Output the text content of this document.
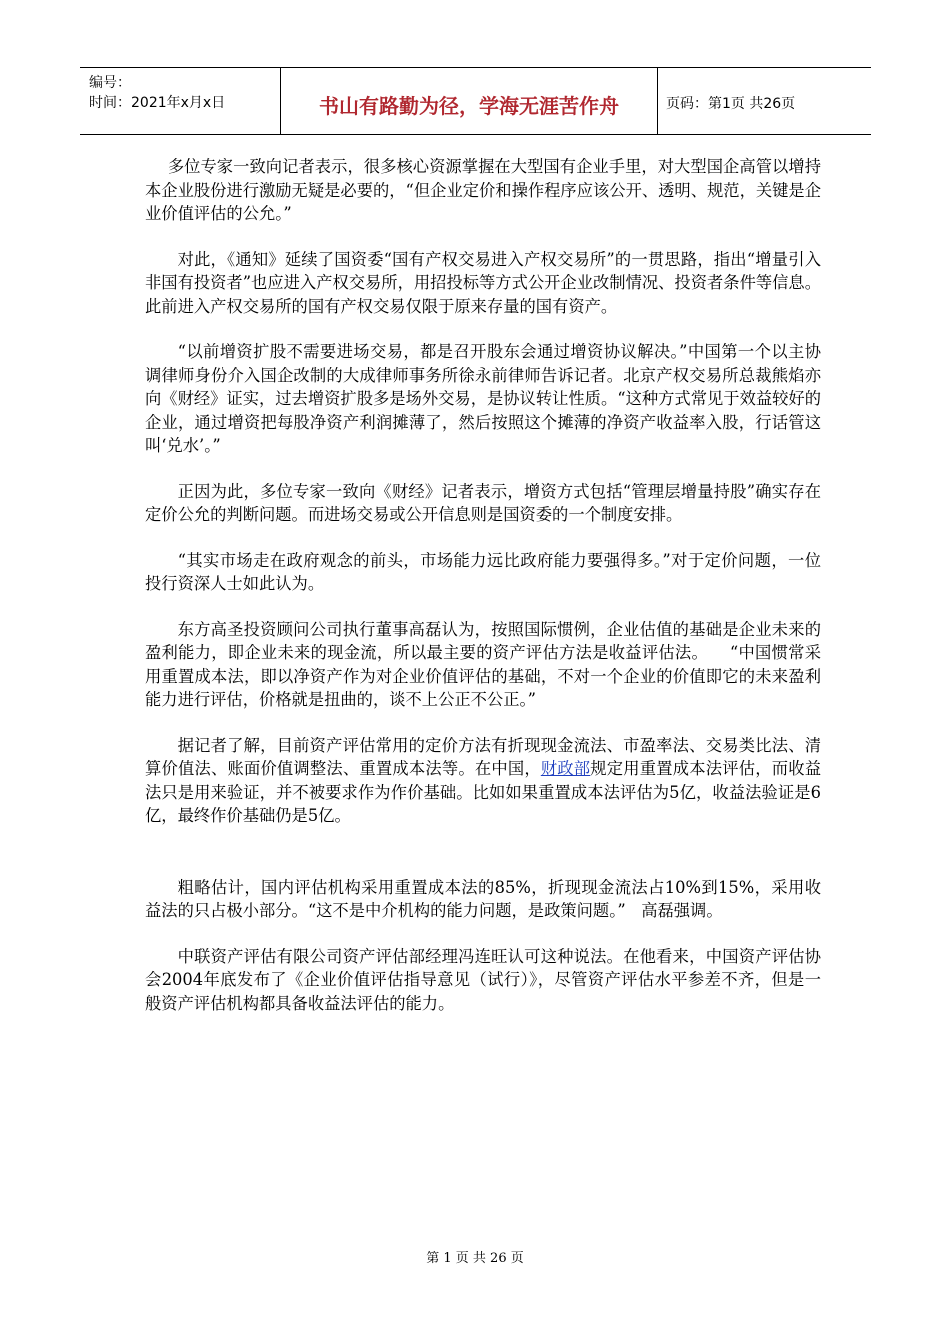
编号：
时间：2021年x月x日	书山有路勤为径，学海无涯苦作舟	页码：第1页 共26页

多位专家一致向记者表示，很多核心资源掌握在大型国有企业手里，对大型国企高管以增持本企业股份进行激励无疑是必要的，“但企业定价和操作程序应该公开、透明、规范，关键是企业价值评估的公允。”

对此，《通知》延续了国资委“国有产权交易进入产权交易所”的一贯思路，指出“增量引入非国有投资者”也应进入产权交易所，用招投标等方式公开企业改制情况、投资者条件等信息。此前进入产权交易所的国有产权交易仅限于原来存量的国有资产。

“以前增资扩股不需要进场交易，都是召开股东会通过增资协议解决。”中国第一个以主协调律师身份介入国企改制的大成律师事务所徐永前律师告诉记者。北京产权交易所总裁熊焰亦向《财经》证实，过去增资扩股多是场外交易，是协议转让性质。“这种方式常见于效益较好的企业，通过增资把每股净资产利润摊薄了，然后按照这个摊薄的净资产收益率入股，行话管这叫‘兑水’。”

正因为此，多位专家一致向《财经》记者表示，增资方式包括“管理层增量持股”确实存在定价公允的判断问题。而进场交易或公开信息则是国资委的一个制度安排。

“其实市场走在政府观念的前头，市场能力远比政府能力要强得多。”对于定价问题，一位投行资深人士如此认为。

东方高圣投资顾问公司执行董事高磊认为，按照国际惯例，企业估值的基础是企业未来的盈利能力，即企业未来的现金流，所以最主要的资产评估方法是收益评估法。    “中国惯常采用重置成本法，即以净资产作为对企业价值评估的基础，不对一个企业的价值即它的未来盈利能力进行评估，价格就是扭曲的，谈不上公正不公正。”

据记者了解，目前资产评估常用的定价方法有折现现金流法、市盈率法、交易类比法、清算价值法、账面价值调整法、重置成本法等。在中国，财政部规定用重置成本法评估，而收益法只是用来验证，并不被要求作为作价基础。比如如果重置成本法评估为5亿，收益法验证是6亿，最终作价基础仍是5亿。

粗略估计，国内评估机构采用重置成本法的85%，折现现金流法占10%到15%，采用收益法的只占极小部分。“这不是中介机构的能力问题，是政策问题。”   高磊强调。

中联资产评估有限公司资产评估部经理冯连旺认可这种说法。在他看来，中国资产评估协会2004年底发布了《企业价值评估指导意见（试行）》，尽管资产评估水平参差不齐，但是一般资产评估机构都具备收益法评估的能力。

第 1 页 共 26 页
